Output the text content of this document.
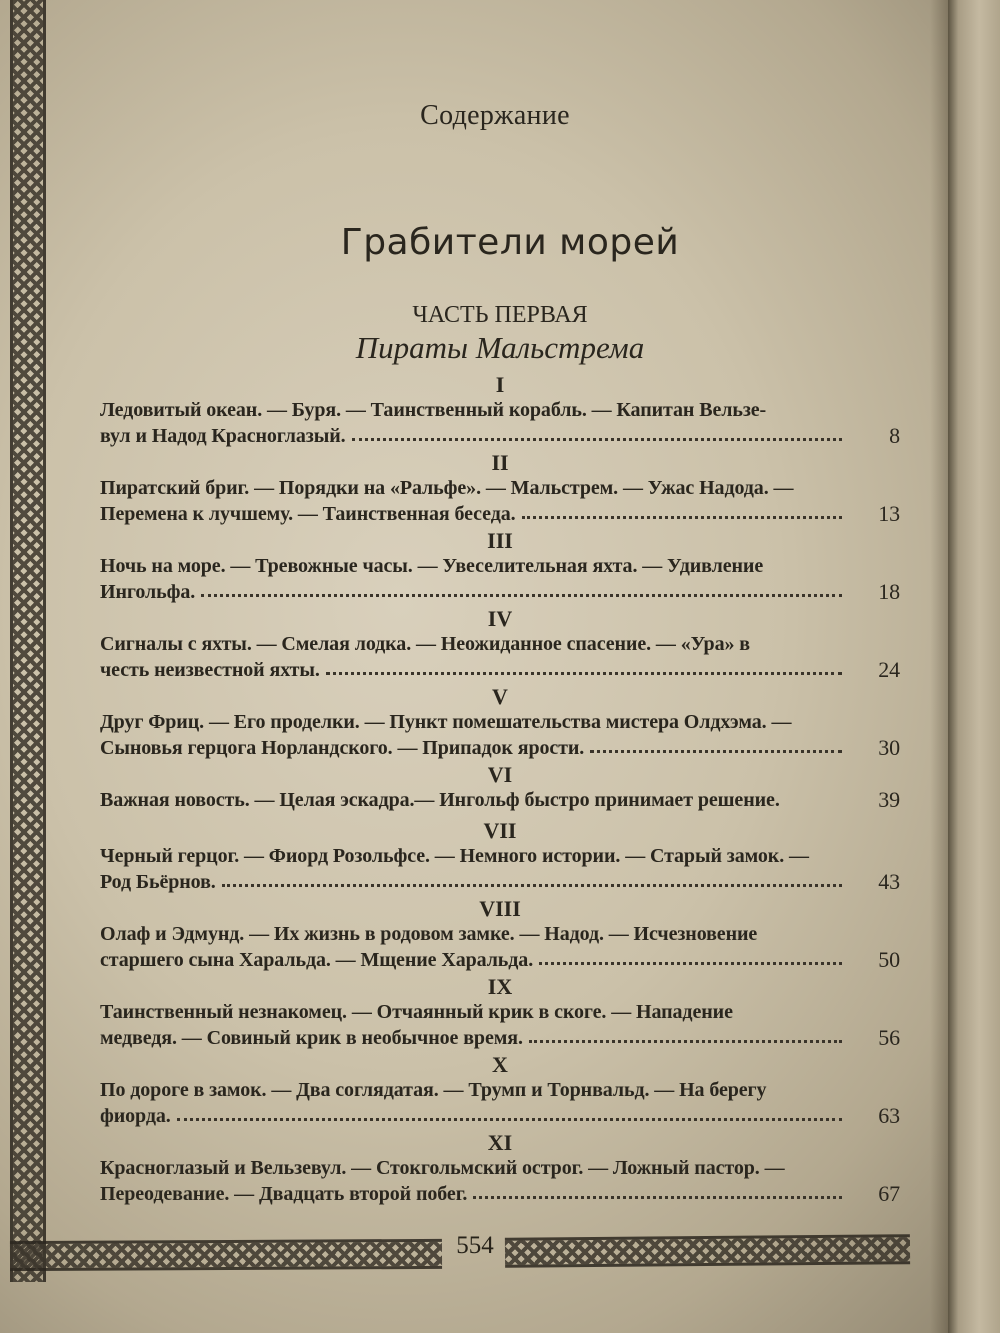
554
Содержание
Грабители морей
ЧАСТЬ ПЕРВАЯ
Пираты Мальстрема
I
Ледовитый океан. — Буря. — Таинственный корабль. — Капитан Вельзе-
вул и Надод Красноглазый.	8
II
Пиратский бриг. — Порядки на «Ральфе». — Мальстрем. — Ужас Надода. —
Перемена к лучшему. — Таинственная беседа.	13
III
Ночь на море. — Тревожные часы. — Увеселительная яхта. — Удивление
Ингольфа.	18
IV
Сигналы с яхты. — Смелая лодка. — Неожиданное спасение. — «Ура» в
честь неизвестной яхты.	24
V
Друг Фриц. — Его проделки. — Пункт помешательства мистера Олдхэма. —
Сыновья герцога Норландского. — Припадок ярости.	30
VI
Важная новость. — Целая эскадра.— Ингольф быстро принимает решение.	39
VII
Черный герцог. — Фиорд Розольфсе. — Немного истории. — Старый замок. —
Род Бьёрнов.	43
VIII
Олаф и Эдмунд. — Их жизнь в родовом замке. — Надод. — Исчезновение
старшего сына Харальда. — Мщение Харальда.	50
IX
Таинственный незнакомец. — Отчаянный крик в скоге. — Нападение
медведя. — Совиный крик в необычное время.	56
X
По дороге в замок. — Два соглядатая. — Трумп и Торнвальд. — На берегу
фиорда.	63
XI
Красноглазый и Вельзевул. — Стокгольмский острог. — Ложный пастор. —
Переодевание. — Двадцать второй побег.	67
